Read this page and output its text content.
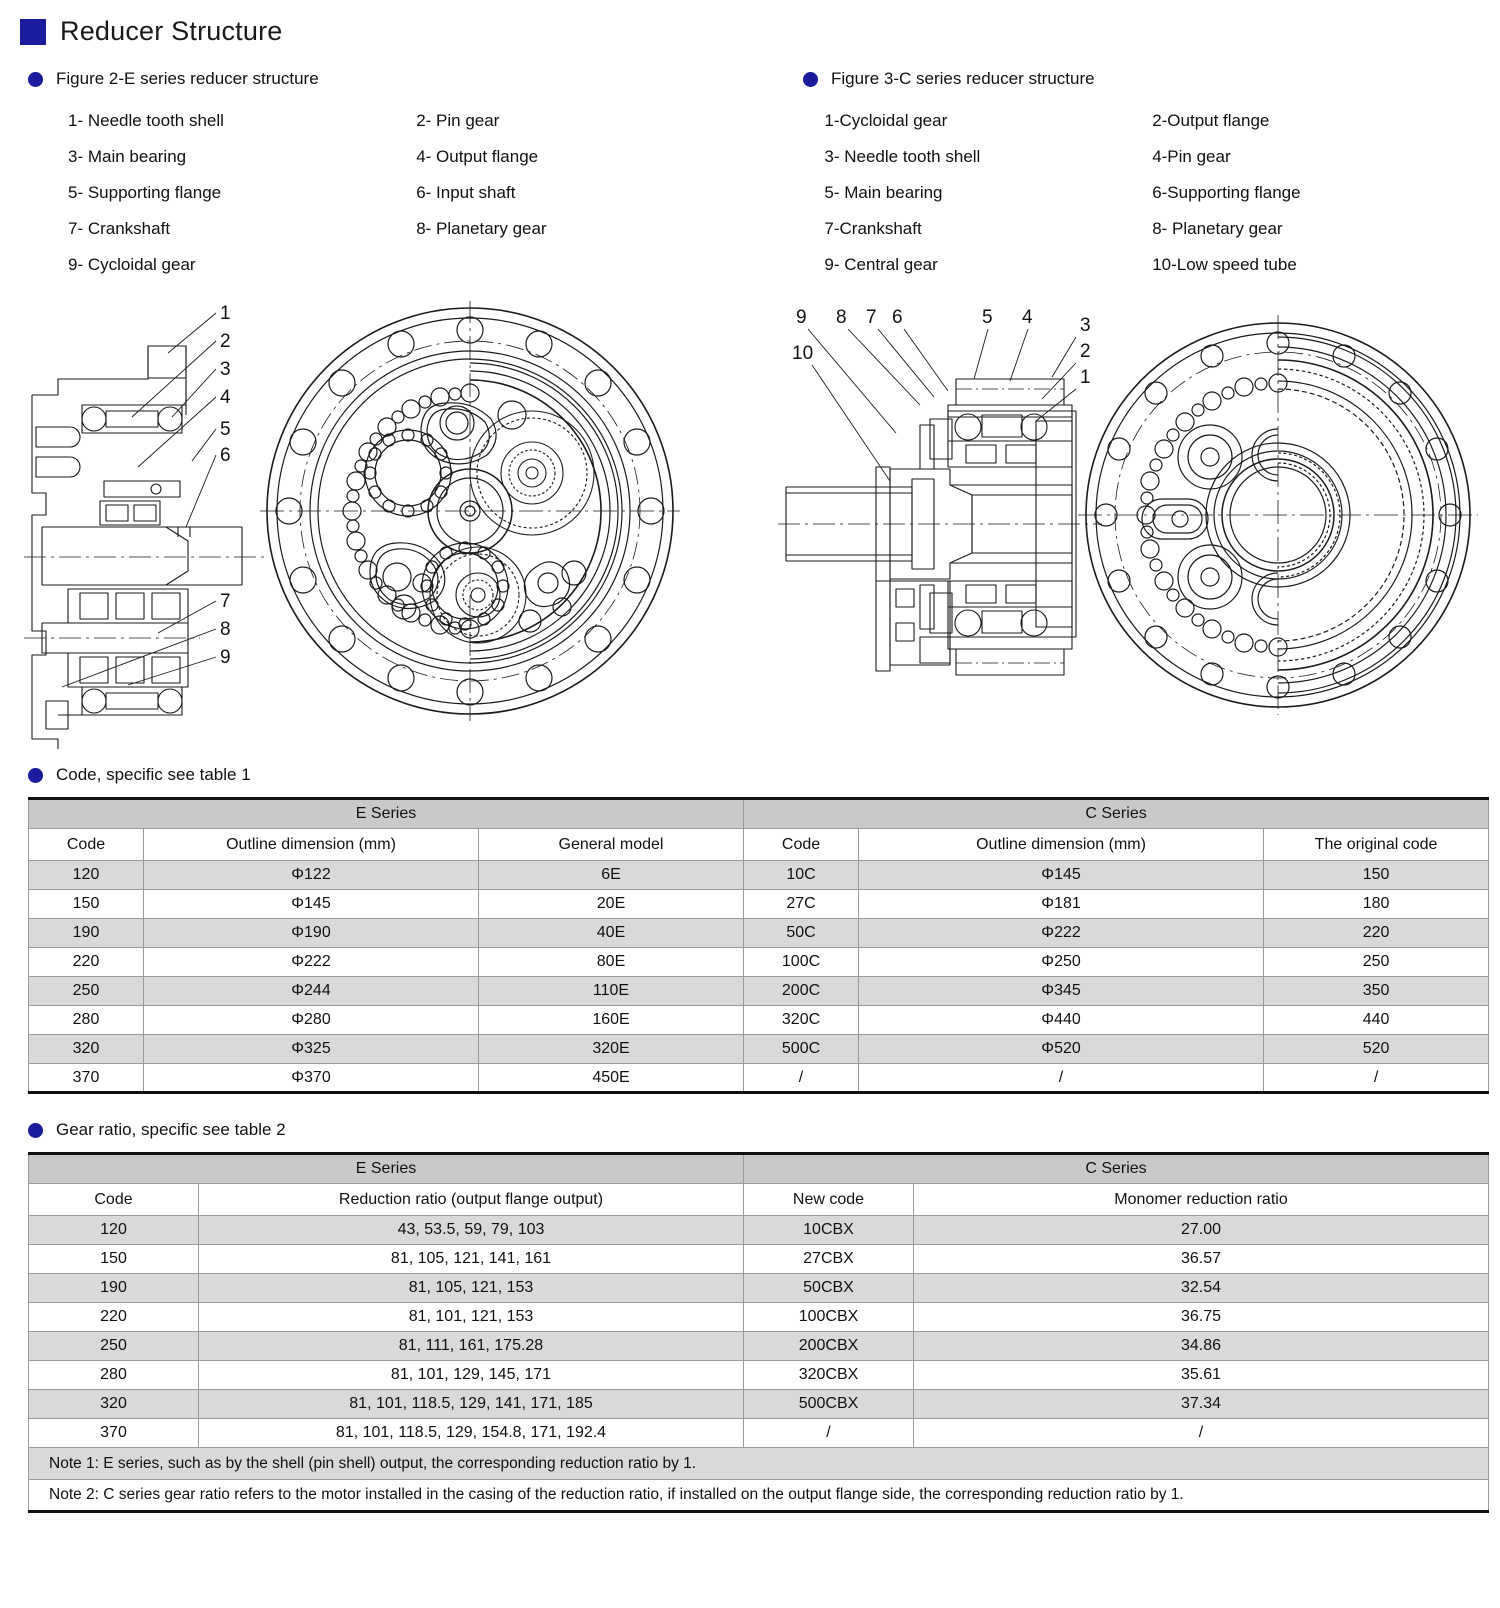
Reducer Structure
Figure 2-E series reducer structure	Figure 3-C series reducer structure
1- Needle tooth shell	2- Pin gear
3- Main bearing	4- Output flange
5- Supporting flange	6- Input shaft
7- Crankshaft	8- Planetary gear
9- Cycloidal gear
1-Cycloidal gear	2-Output flange
3- Needle tooth shell	4-Pin gear
5- Main bearing	6-Supporting flange
7-Crankshaft	8- Planetary gear
9- Central gear	10-Low speed tube
1
2
3
4
5
6
7
8
9
9 8 7 6
10
5 4 3
2
1
Code, specific see table 1
E Series			C Series		
Code	Outline dimension (mm)	General model	Code	Outline dimension (mm)	The original code
120	Φ122	6E	10C	Φ145	150
150	Φ145	20E	27C	Φ181	180
190	Φ190	40E	50C	Φ222	220
220	Φ222	80E	100C	Φ250	250
250	Φ244	110E	200C	Φ345	350
280	Φ280	160E	320C	Φ440	440
320	Φ325	320E	500C	Φ520	520
370	Φ370	450E	/	/	/
Gear ratio, specific see table 2
E Series		C Series	
Code	Reduction ratio (output flange output)	New code	Monomer reduction ratio
120	43, 53.5, 59, 79, 103	10CBX	27.00
150	81, 105, 121, 141, 161	27CBX	36.57
190	81, 105, 121, 153	50CBX	32.54
220	81, 101, 121, 153	100CBX	36.75
250	81, 111, 161, 175.28	200CBX	34.86
280	81, 101, 129, 145, 171	320CBX	35.61
320	81, 101, 118.5, 129, 141, 171, 185	500CBX	37.34
370	81, 101, 118.5, 129, 154.8, 171, 192.4	/	/
Note 1: E series, such as by the shell (pin shell) output, the corresponding reduction ratio by 1.			
Note 2: C series gear ratio refers to the motor installed in the casing of the reduction ratio, if installed on the output flange side, the corresponding reduction ratio by 1.			
